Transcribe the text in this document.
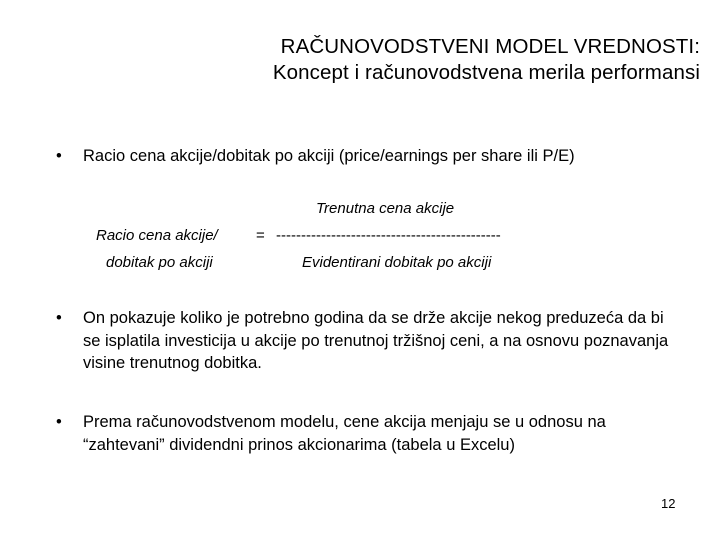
RAČUNOVODSTVENI MODEL VREDNOSTI:
Koncept i računovodstvena merila performansi
•	Racio cena akcije/dobitak po akciji (price/earnings per share ili P/E)
Trenutna cena akcije
Racio cena akcije/	= ---------------------------------------------
dobitak po akciji	Evidentirani dobitak po akciji
•	On pokazuje koliko je potrebno godina da se drže akcije nekog preduzeća da bi se isplatila investicija u akcije po trenutnoj tržišnoj ceni, a na osnovu poznavanja visine trenutnog dobitka.
•	Prema računovodstvenom modelu, cene akcija menjaju se u odnosu na “zahtevani” dividendni prinos akcionarima (tabela u Excelu)
12
